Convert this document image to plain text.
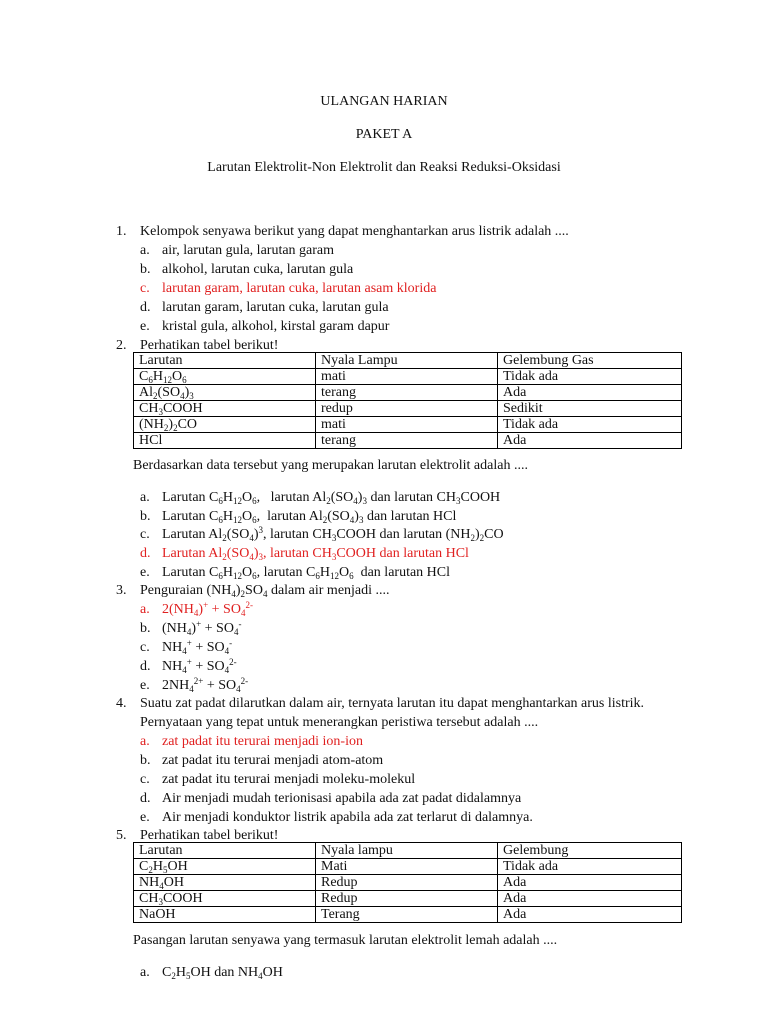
ULANGAN HARIAN
PAKET A
Larutan Elektrolit-Non Elektrolit dan Reaksi Reduksi-Oksidasi
1. Kelompok senyawa berikut yang dapat menghantarkan arus listrik adalah ....
a. air, larutan gula, larutan garam
b. alkohol, larutan cuka, larutan gula
c. larutan garam, larutan cuka, larutan asam klorida
d. larutan garam, larutan cuka, larutan gula
e. kristal gula, alkohol, kirstal garam dapur
2. Perhatikan tabel berikut!
Larutan	Nyala Lampu	Gelembung Gas
$C_6H_{12}O_6$	mati	Tidak ada
$Al_2(SO_4)_3$	terang	Ada
$CH_3COOH$	redup	Sedikit
$(NH_2)_2CO$	mati	Tidak ada
HCl	terang	Ada
Berdasarkan data tersebut yang merupakan larutan elektrolit adalah ....
a. Larutan $C_6H_{12}O_6$,   larutan $Al_2(SO_4)_3$ dan larutan $CH_3COOH$
b. Larutan $C_6H_{12}O_6$,  larutan $Al_2(SO_4)_3$ dan larutan HCl
c. Larutan $Al_2(SO_4)^3$, larutan $CH_3COOH$ dan larutan $(NH_2)_2CO$
d. Larutan $Al_2(SO_4)_3$, larutan $CH_3COOH$ dan larutan HCl
e. Larutan $C_6H_{12}O_6$, larutan $C_6H_{12}O_6$  dan larutan HCl
3. Penguraian $(NH_4)_2SO_4$ dalam air menjadi ....
a. $2(NH_4)^+ + SO_4^{2-}$
b. $(NH_4)^+ + SO_4^-$
c. $NH_4^+ + SO_4^-$
d. $NH_4^+ + SO_4^{2-}$
e. $2NH_4^{2+} + SO_4^{2-}$
4. Suatu zat padat dilarutkan dalam air, ternyata larutan itu dapat menghantarkan arus listrik.
Pernyataan yang tepat untuk menerangkan peristiwa tersebut adalah ....
a. zat padat itu terurai menjadi ion-ion
b. zat padat itu terurai menjadi atom-atom
c. zat padat itu terurai menjadi moleku-molekul
d. Air menjadi mudah terionisasi apabila ada zat padat didalamnya
e. Air menjadi konduktor listrik apabila ada zat terlarut di dalamnya.
5. Perhatikan tabel berikut!
Larutan	Nyala lampu	Gelembung
$C_2H_5OH$	Mati	Tidak ada
$NH_4OH$	Redup	Ada
$CH_3COOH$	Redup	Ada
NaOH	Terang	Ada
Pasangan larutan senyawa yang termasuk larutan elektrolit lemah adalah ....
a. $C_2H_5OH$ dan $NH_4OH$
